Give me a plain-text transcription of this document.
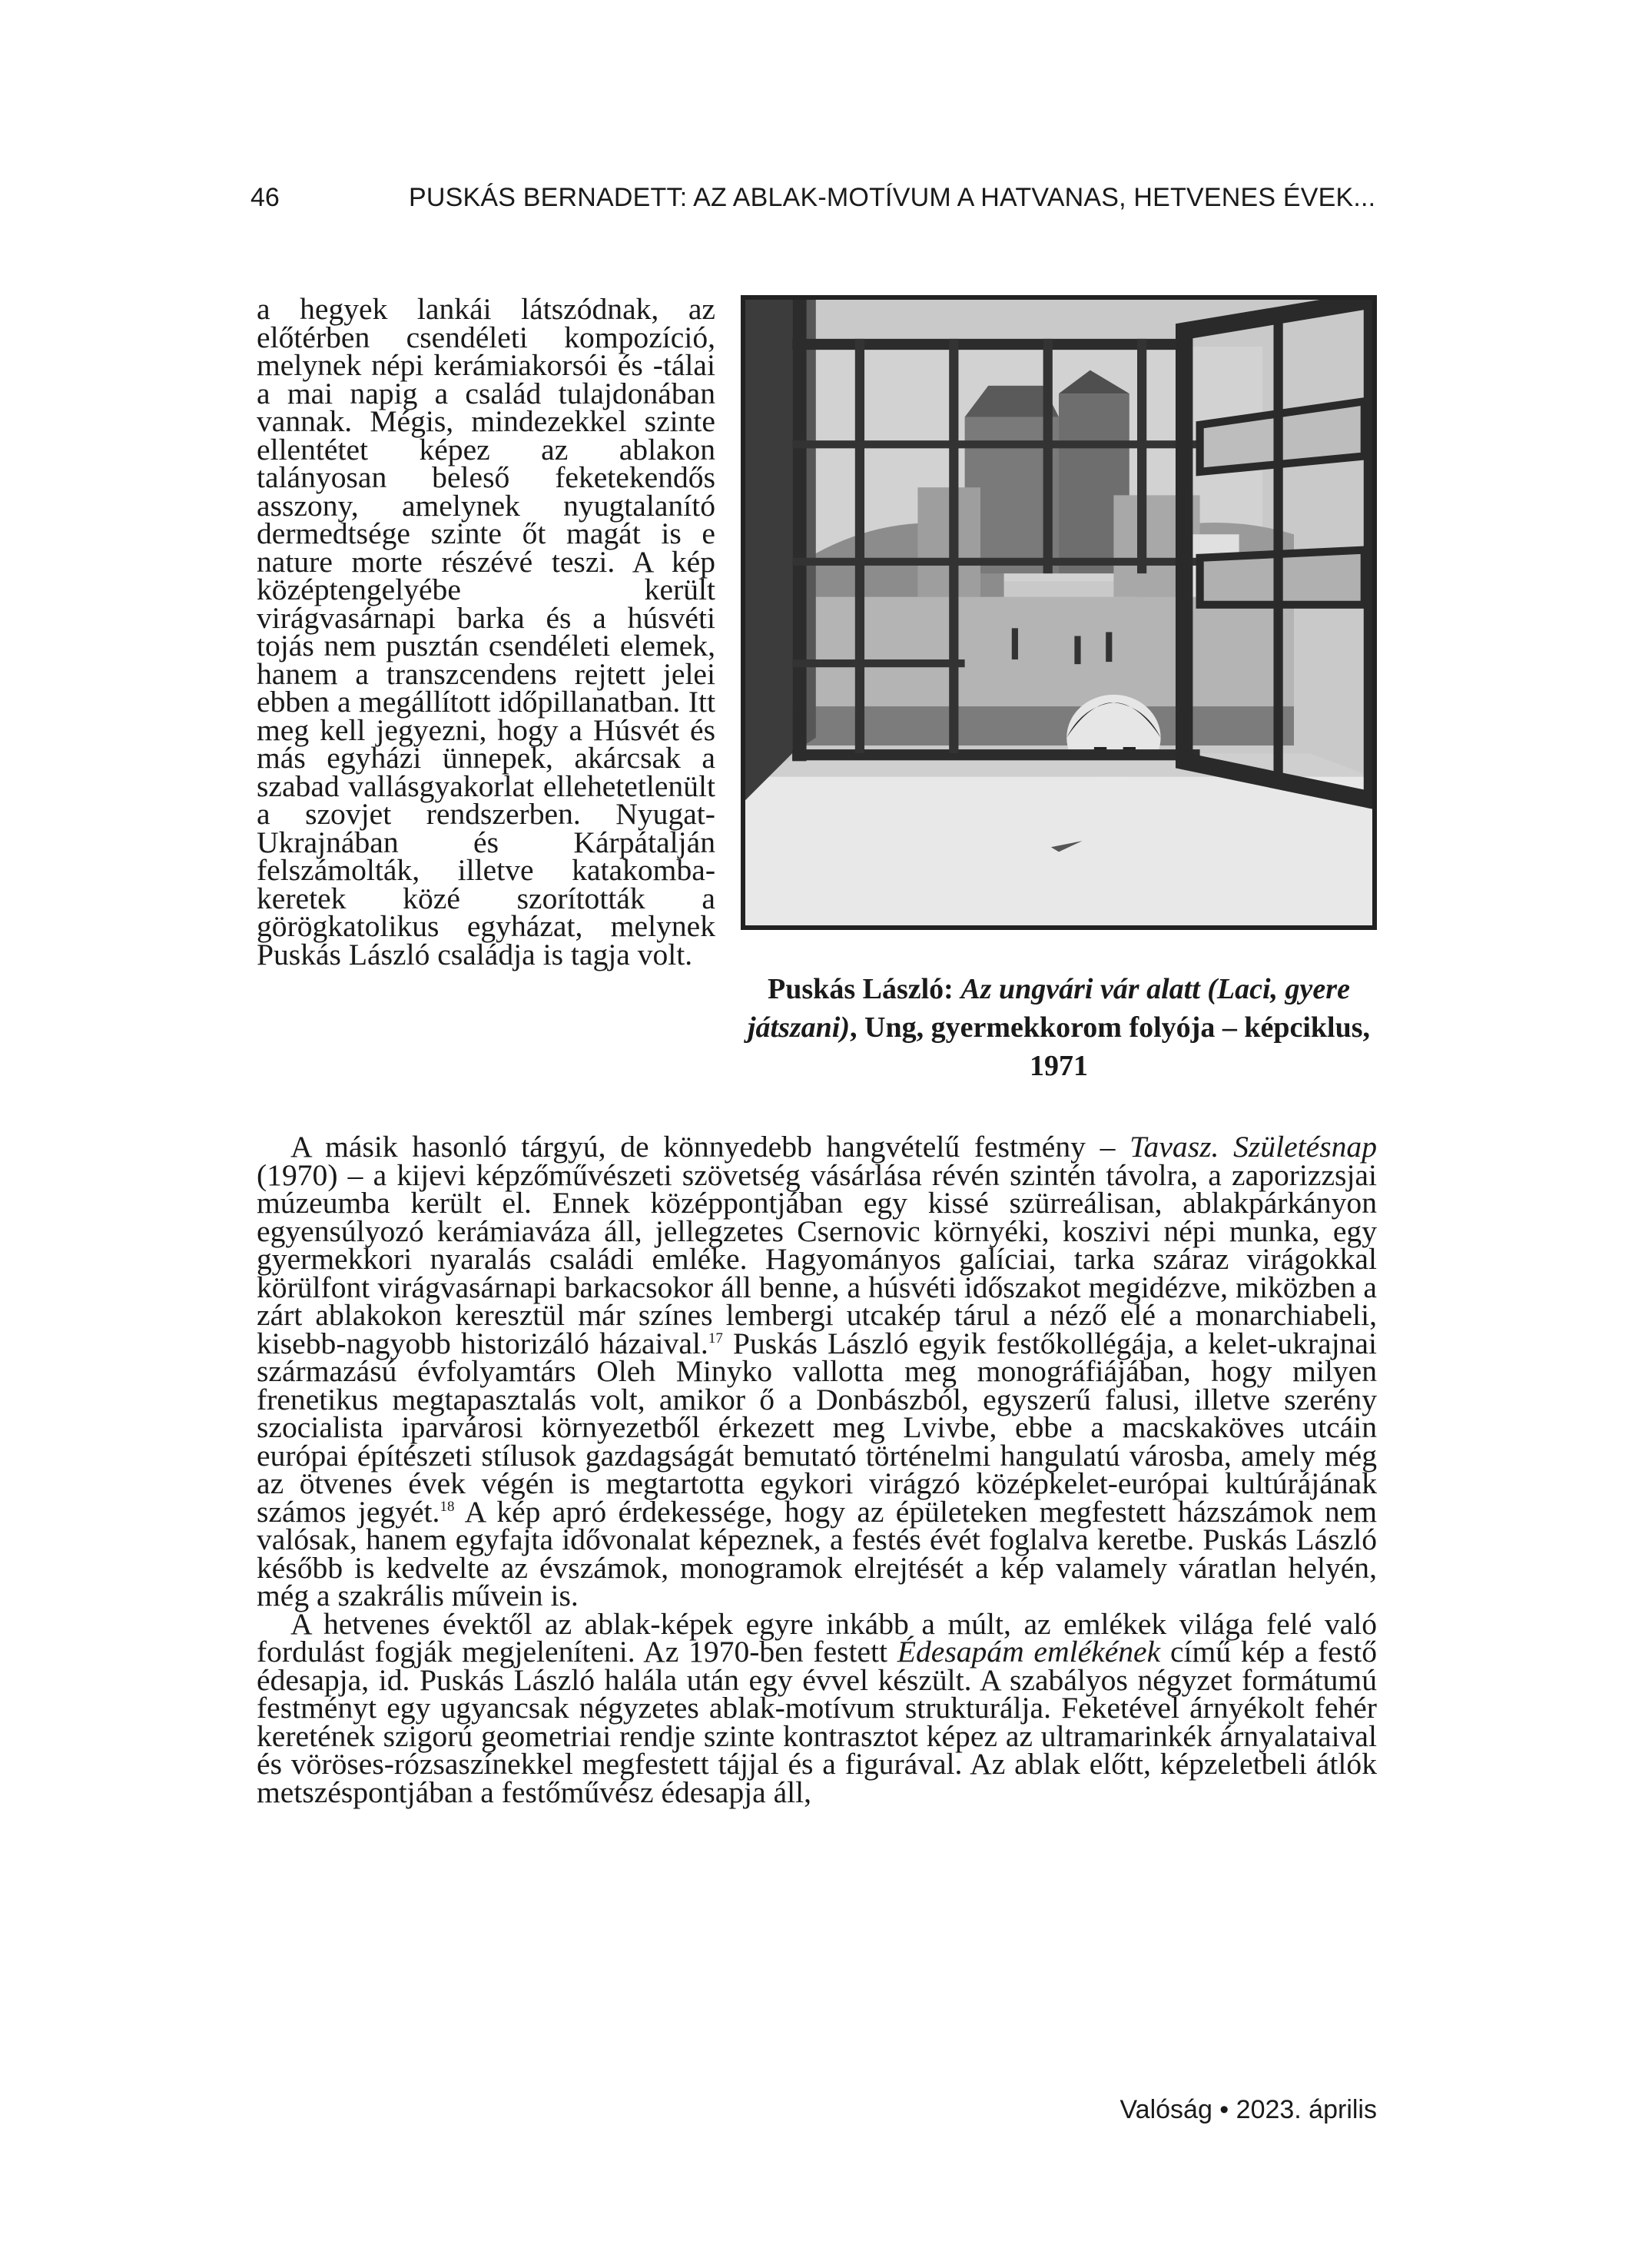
46	PUSKÁS BERNADETT: AZ ABLAK-MOTÍVUM A HATVANAS, HETVENES ÉVEK...

a hegyek lankái látszódnak, az előtérben csendéleti kompozíció, melynek népi kerámiakorsói és -tálai a mai napig a család tulajdonában vannak. Mégis, mindezekkel szinte ellentétet képez az ablakon talányosan beleső feketekendős asszony, amelynek nyugtalanító dermedtsége szinte őt magát is e nature morte részévé teszi. A kép középtengelyébe került virágvasárnapi barka és a húsvéti tojás nem pusztán csendéleti elemek, hanem a transzcendens rejtett jelei ebben a megállított időpillanatban. Itt meg kell jegyezni, hogy a Húsvét és más egyházi ünnepek, akárcsak a szabad vallásgyakorlat ellehetetlenült a szovjet rendszerben. Nyugat-Ukrajnában és Kárpátalján felszámolták, illetve katakomba-keretek közé szorították a görögkatolikus egyházat, melynek Puskás László családja is tagja volt.

Puskás László: Az ungvári vár alatt (Laci, gyere játszani), Ung, gyermekkorom folyója – képciklus, 1971

A másik hasonló tárgyú, de könnyedebb hangvételű festmény – Tavasz. Születésnap (1970) – a kijevi képzőművészeti szövetség vásárlása révén szintén távolra, a zaporizzsjai múzeumba került el. Ennek középpontjában egy kissé szürreálisan, ablakpárkányon egyensúlyozó kerámiaváza áll, jellegzetes Csernovic környéki, koszivi népi munka, egy gyermekkori nyaralás családi emléke. Hagyományos galíciai, tarka száraz virágokkal körülfont virágvasárnapi barkacsokor áll benne, a húsvéti időszakot megidézve, miközben a zárt ablakokon keresztül már színes lembergi utcakép tárul a néző elé a monarchiabeli, kisebb-nagyobb historizáló házaival.$^{17}$ Puskás László egyik festőkollégája, a kelet-ukrajnai származású évfolyamtárs Oleh Minyko vallotta meg monográfiájában, hogy milyen frenetikus megtapasztalás volt, amikor ő a Donbászból, egyszerű falusi, illetve szerény szocialista iparvárosi környezetből érkezett meg Lvivbe, ebbe a macskaköves utcáin európai építészeti stílusok gazdagságát bemutató történelmi hangulatú városba, amely még az ötvenes évek végén is megtartotta egykori virágzó középkelet-európai kultúrájának számos jegyét.$^{18}$ A kép apró érdekessége, hogy az épületeken megfestett házszámok nem valósak, hanem egyfajta idővonalat képeznek, a festés évét foglalva keretbe. Puskás László később is kedvelte az évszámok, monogramok elrejtését a kép valamely váratlan helyén, még a szakrális művein is.

A hetvenes évektől az ablak-képek egyre inkább a múlt, az emlékek világa felé való fordulást fogják megjeleníteni. Az 1970-ben festett Édesapám emlékének című kép a festő édesapja, id. Puskás László halála után egy évvel készült. A szabályos négyzet formátumú festményt egy ugyancsak négyzetes ablak-motívum strukturálja. Feketével árnyékolt fehér keretének szigorú geometriai rendje szinte kontrasztot képez az ultramarinkék árnyalataival és vöröses-rózsaszínekkel megfestett tájjal és a figurával. Az ablak előtt, képzeletbeli átlók metszéspontjában a festőművész édesapja áll,

Valóság • 2023. április
